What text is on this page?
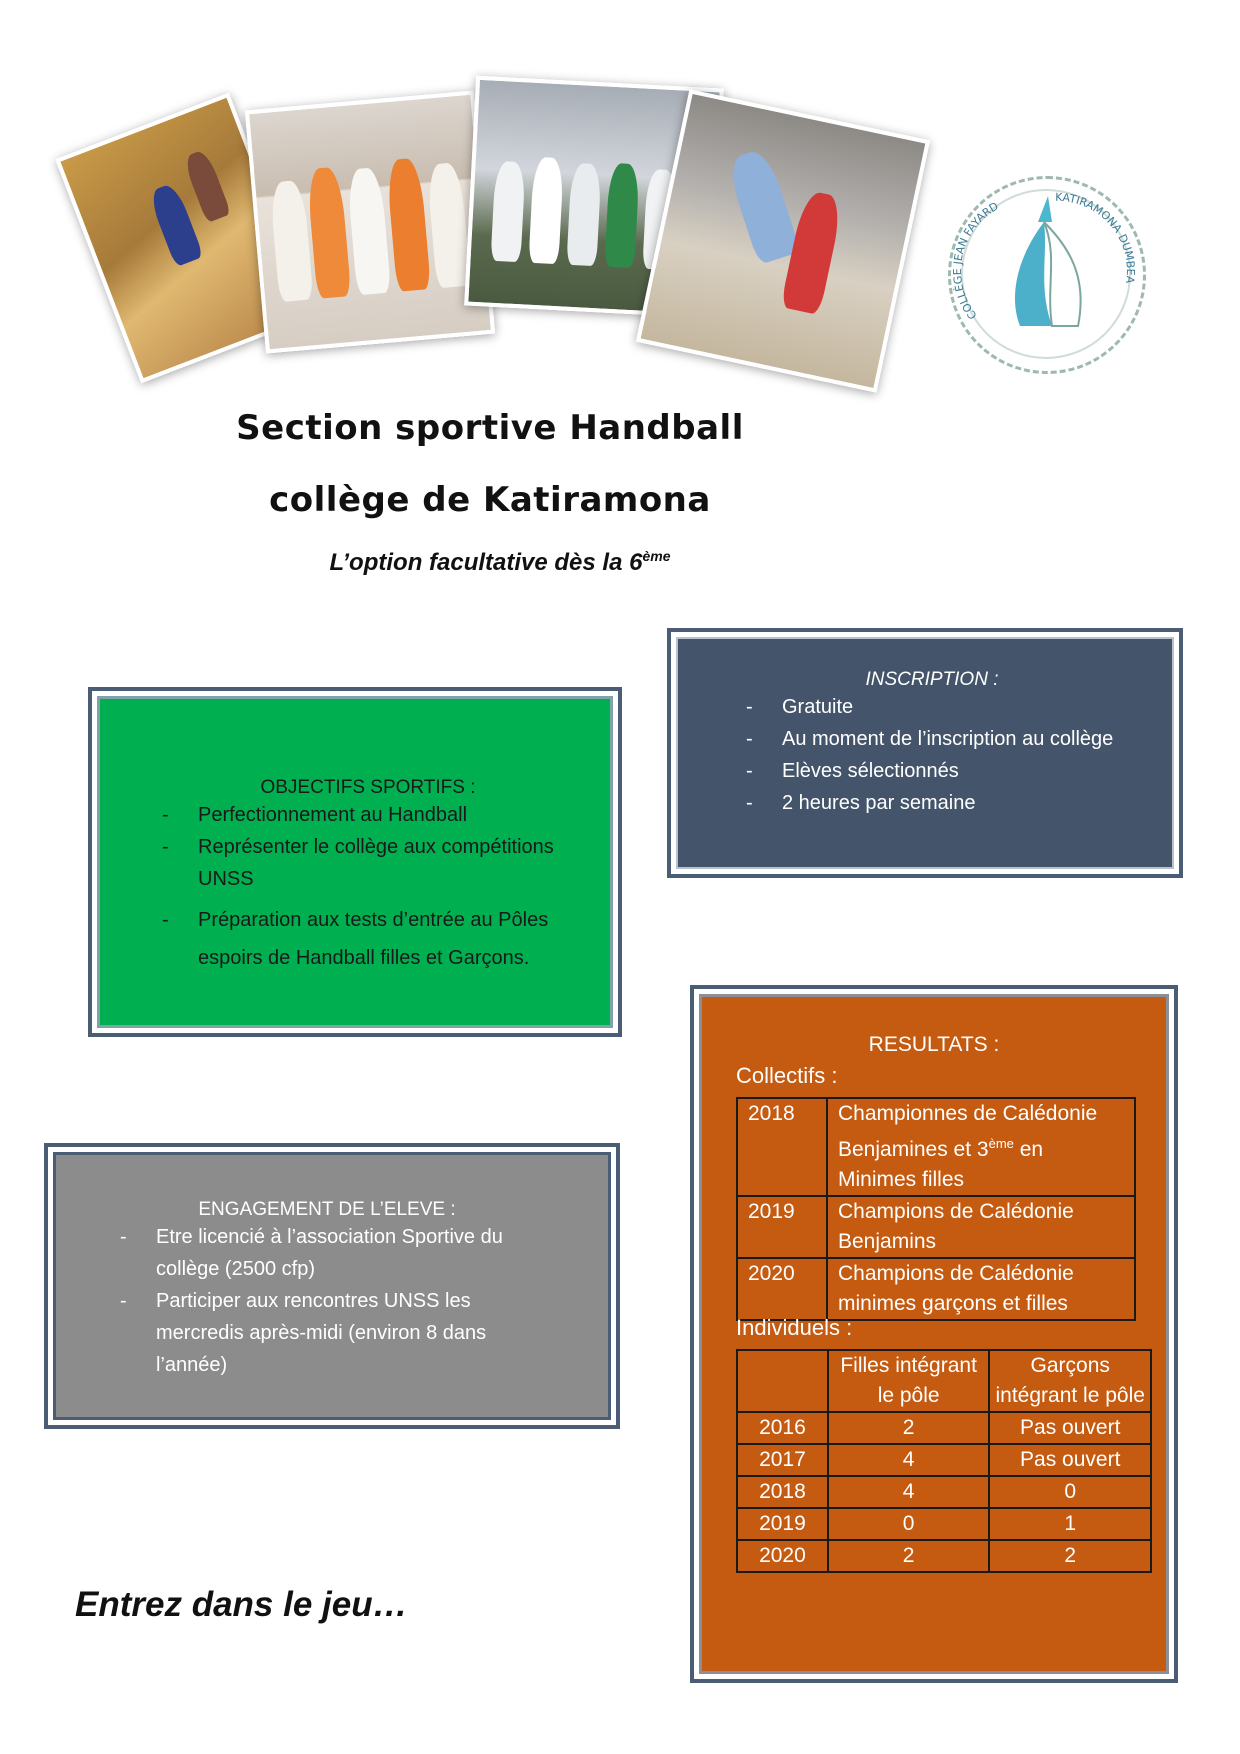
COLLÈGE JEAN FAYARD
KATIRAMONA DUMBEA
Section sportive Handball
collège de Katiramona
L’option facultative dès la 6ème
OBJECTIFS SPORTIFS :
- Perfectionnement au Handball
- Représenter le collège aux compétitions UNSS
- Préparation aux tests d’entrée au Pôles espoirs de Handball filles et Garçons.
INSCRIPTION :
- Gratuite
- Au moment de l’inscription au collège
- Elèves sélectionnés
- 2 heures par semaine
ENGAGEMENT DE L’ELEVE :
- Etre licencié à l’association Sportive du collège (2500 cfp)
- Participer aux rencontres UNSS les mercredis après-midi (environ 8 dans l’année)
RESULTATS :
Collectifs :
2018	Championnes de Calédonie Benjamines et 3ème en Minimes filles
2019	Champions de Calédonie Benjamins
2020	Champions de Calédonie minimes garçons et filles
Individuels :
	Filles intégrant le pôle	Garçons intégrant le pôle
2016	2	Pas ouvert
2017	4	Pas ouvert
2018	4	0
2019	0	1
2020	2	2
Entrez dans le jeu…
